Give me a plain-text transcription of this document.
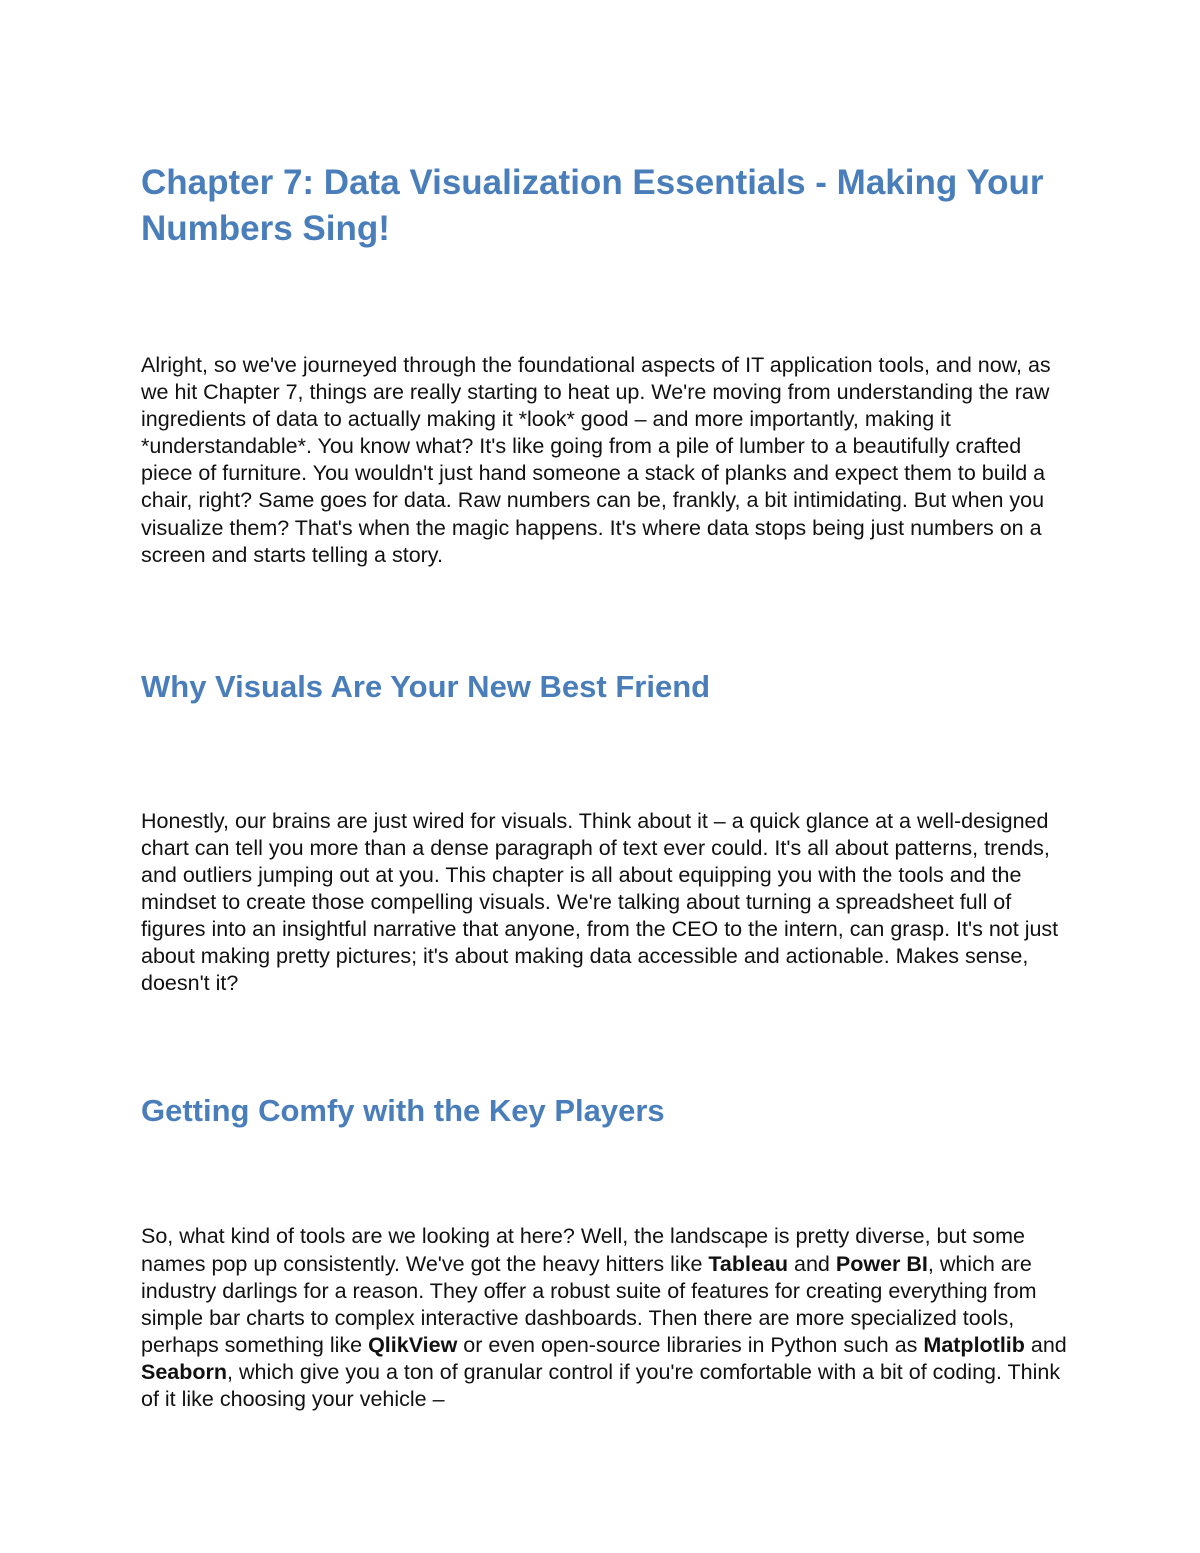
Chapter 7: Data Visualization Essentials - Making Your Numbers Sing!

Alright, so we've journeyed through the foundational aspects of IT application tools, and now, as we hit Chapter 7, things are really starting to heat up. We're moving from understanding the raw ingredients of data to actually making it *look* good – and more importantly, making it *understandable*. You know what? It's like going from a pile of lumber to a beautifully crafted piece of furniture. You wouldn't just hand someone a stack of planks and expect them to build a chair, right? Same goes for data. Raw numbers can be, frankly, a bit intimidating. But when you visualize them? That's when the magic happens. It's where data stops being just numbers on a screen and starts telling a story.

Why Visuals Are Your New Best Friend

Honestly, our brains are just wired for visuals. Think about it – a quick glance at a well-designed chart can tell you more than a dense paragraph of text ever could. It's all about patterns, trends, and outliers jumping out at you. This chapter is all about equipping you with the tools and the mindset to create those compelling visuals. We're talking about turning a spreadsheet full of figures into an insightful narrative that anyone, from the CEO to the intern, can grasp. It's not just about making pretty pictures; it's about making data accessible and actionable. Makes sense, doesn't it?

Getting Comfy with the Key Players

So, what kind of tools are we looking at here? Well, the landscape is pretty diverse, but some names pop up consistently. We've got the heavy hitters like Tableau and Power BI, which are industry darlings for a reason. They offer a robust suite of features for creating everything from simple bar charts to complex interactive dashboards. Then there are more specialized tools, perhaps something like QlikView or even open-source libraries in Python such as Matplotlib and Seaborn, which give you a ton of granular control if you're comfortable with a bit of coding. Think of it like choosing your vehicle –
